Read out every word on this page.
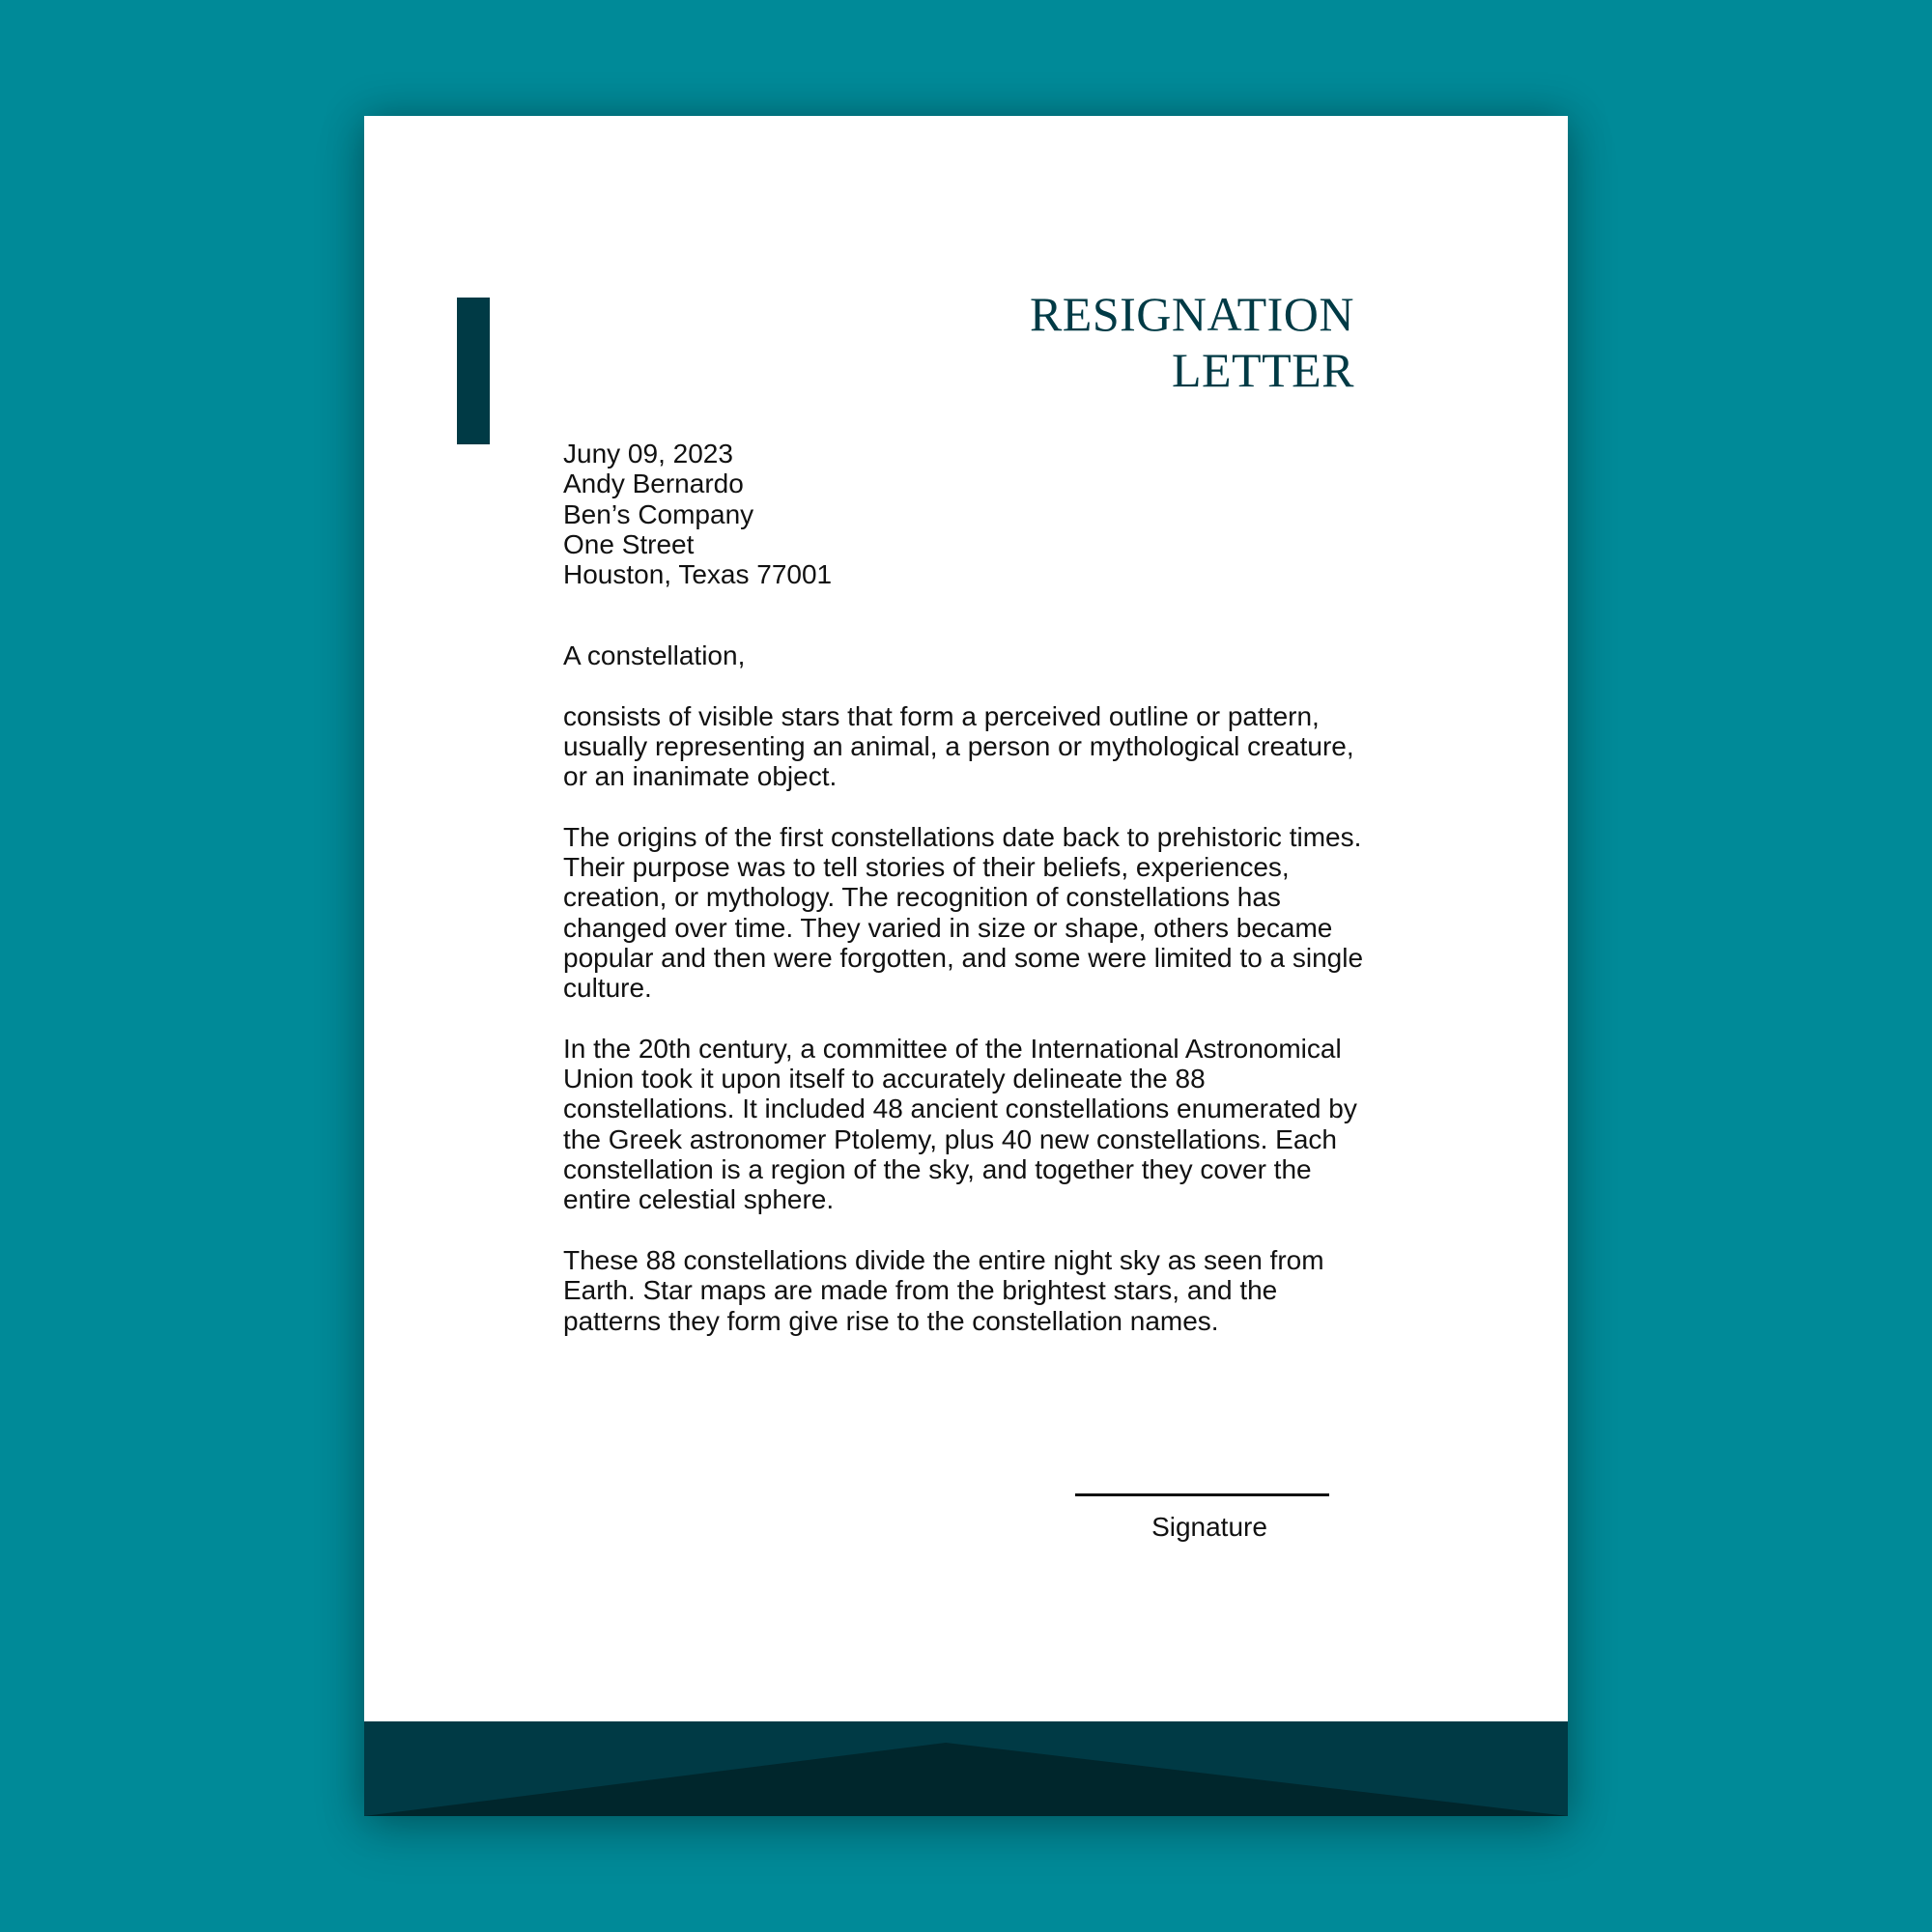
RESIGNATION
LETTER
Juny 09, 2023
Andy Bernardo
Ben’s Company
One Street
Houston, Texas 77001

A constellation,

consists of visible stars that form a perceived outline or pattern, usually representing an animal, a person or mythological creature, or an inanimate object.

The origins of the first constellations date back to prehistoric times. Their purpose was to tell stories of their beliefs, experiences, creation, or mythology. The recognition of constellations has changed over time. They varied in size or shape, others became popular and then were forgotten, and some were limited to a single culture.

In the 20th century, a committee of the International Astronomical Union took it upon itself to accurately delineate the 88 constellations. It included 48 ancient constellations enumerated by the Greek astronomer Ptolemy, plus 40 new constellations. Each constellation is a region of the sky, and together they cover the entire celestial sphere.

These 88 constellations divide the entire night sky as seen from Earth. Star maps are made from the brightest stars, and the patterns they form give rise to the constellation names.

Signature
